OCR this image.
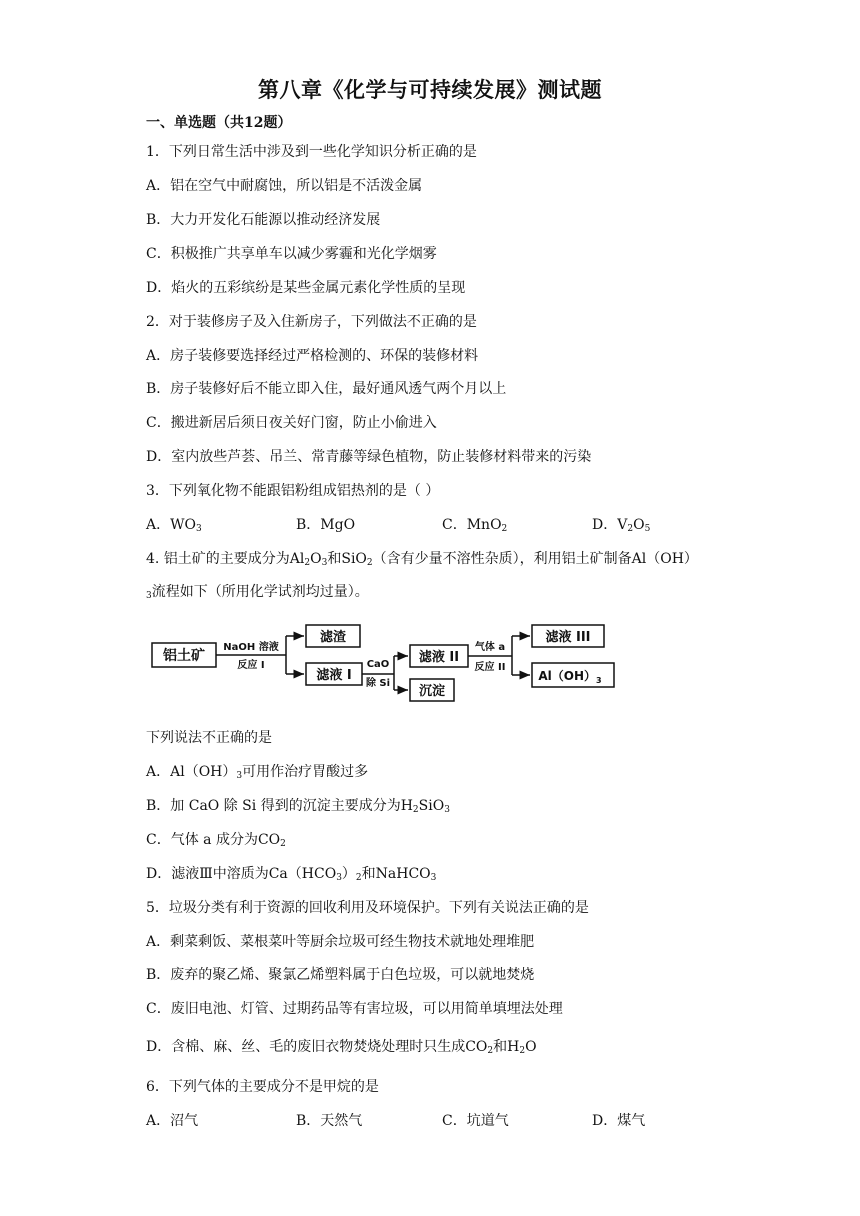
第八章《化学与可持续发展》测试题
一、单选题（共12题）
1．下列日常生活中涉及到一些化学知识分析正确的是
A．铝在空气中耐腐蚀，所以铝是不活泼金属
B．大力开发化石能源以推动经济发展
C．积极推广共享单车以减少雾霾和光化学烟雾
D．焰火的五彩缤纷是某些金属元素化学性质的呈现
2．对于装修房子及入住新房子，下列做法不正确的是
A．房子装修要选择经过严格检测的、环保的装修材料
B．房子装修好后不能立即入住，最好通风透气两个月以上
C．搬进新居后须日夜关好门窗，防止小偷进入
D．室内放些芦荟、吊兰、常青藤等绿色植物，防止装修材料带来的污染
3．下列氧化物不能跟铝粉组成铝热剂的是（ ）
A．$WO_3$	B．MgO	C．MnO$_2$	D．$V_2O_5$
4. 铝土矿的主要成分为$Al_2O_3$和SiO$_2$（含有少量不溶性杂质），利用铝土矿制备Al（OH）
$_3$流程如下（所用化学试剂均过量）。
铝土矿
NaOH 溶液
反应 I
滤渣
滤液 I
CaO
除 Si
滤液 II
沉淀
气体 a
反应 II
滤液 III
$Al(OH)_3$
下列说法不正确的是
A．$Al(OH)_3$可用作治疗胃酸过多
B．加 CaO 除 Si 得到的沉淀主要成分为$H_2SiO_3$
C．气体 a 成分为$CO_2$
D．滤液Ⅲ中溶质为$Ca(HCO_3)_2$和NaHCO$_3$
5．垃圾分类有利于资源的回收利用及环境保护。下列有关说法正确的是
A．剩菜剩饭、菜根菜叶等厨余垃圾可经生物技术就地处理堆肥
B．废弃的聚乙烯、聚氯乙烯塑料属于白色垃圾，可以就地焚烧
C．废旧电池、灯管、过期药品等有害垃圾，可以用简单填埋法处理
D．含棉、麻、丝、毛的废旧衣物焚烧处理时只生成$CO_2$和$H_2O$
6．下列气体的主要成分不是甲烷的是
A．沼气	B．天然气	C．坑道气	D．煤气
